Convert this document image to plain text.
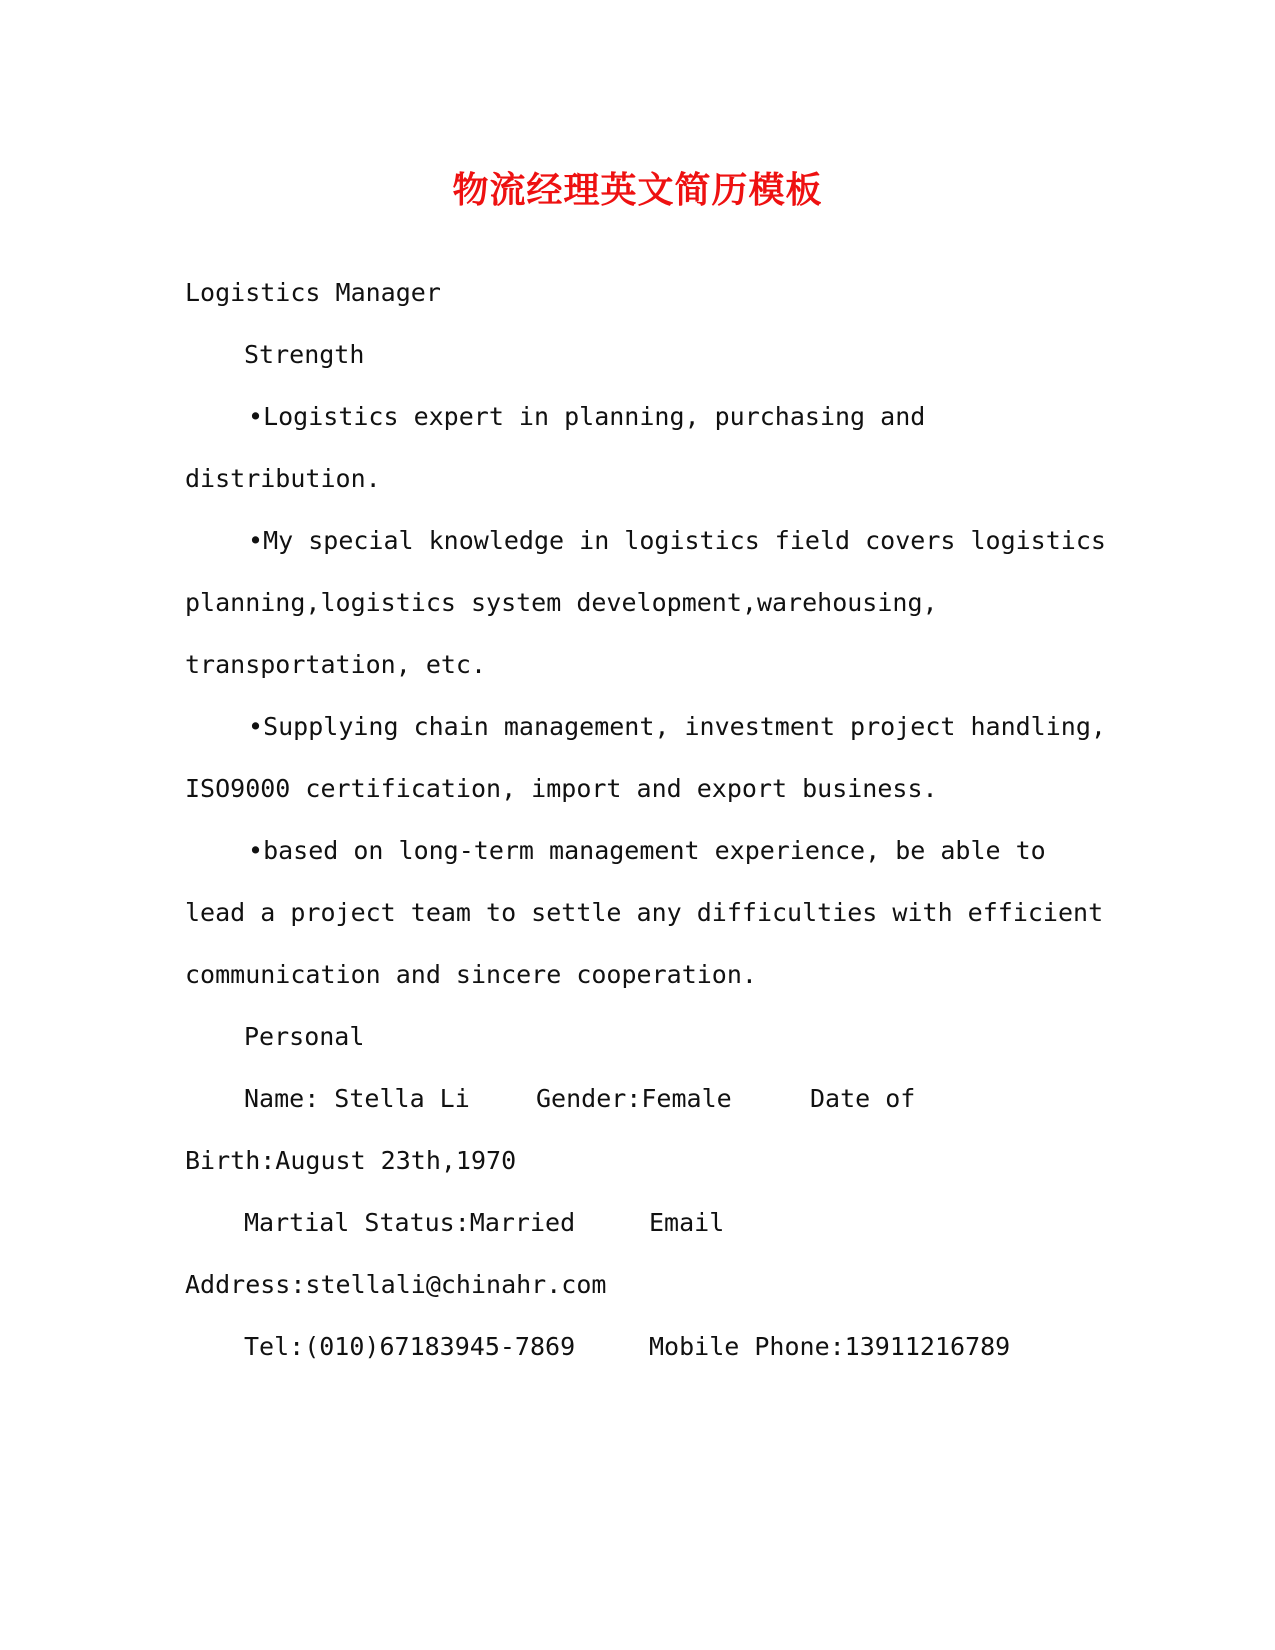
物流经理英文简历模板
Logistics Manager
Strength
•Logistics expert in planning, purchasing and
distribution.
•My special knowledge in logistics field covers logistics
planning,logistics system development,warehousing,
transportation, etc.
•Supplying chain management, investment project handling,
ISO9000 certification, import and export business.
•based on long-term management experience, be able to
lead a project team to settle any difficulties with efficient
communication and sincere cooperation.
Personal
Name: Stella Li	Gender:Female	Date of
Birth:August 23th,1970
Martial Status:Married	Email
Address:stellali@chinahr.com
Tel:(010)67183945-7869	Mobile Phone:13911216789
